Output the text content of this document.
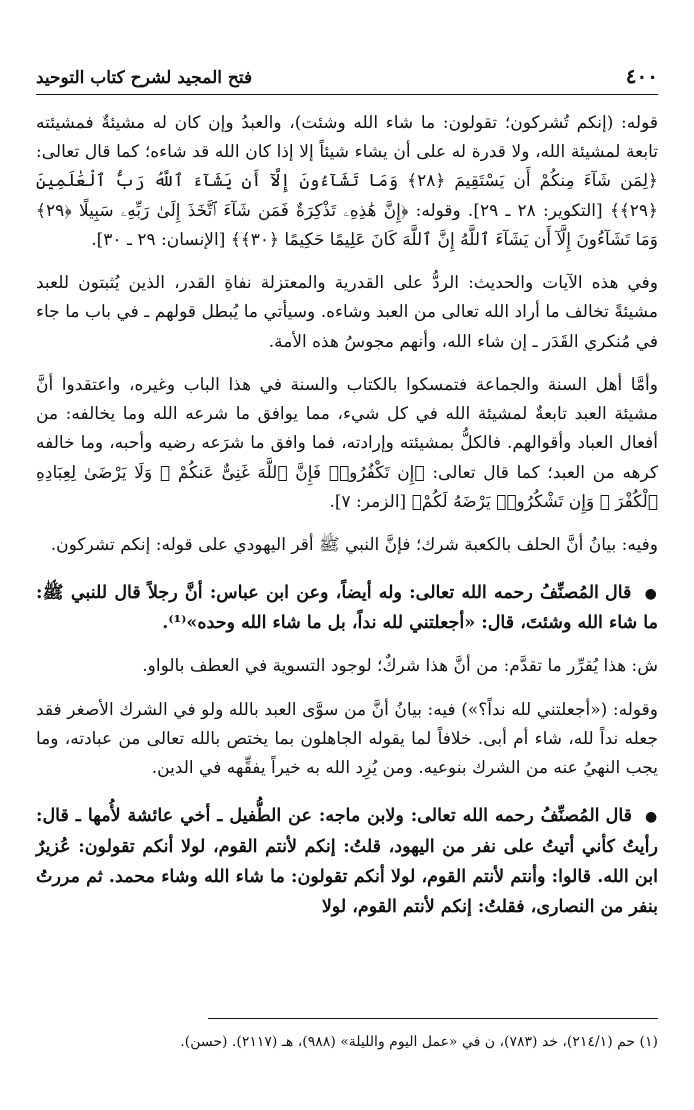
٤٠٠
فتح المجيد لشرح كتاب التوحيد

قوله: (إنكم تُشركون؛ تقولون: ما شاء الله وشئت)، والعبدُ وإن كان له مشيئةٌ فمشيئته تابعة لمشيئة الله، ولا قدرة له على أن يشاء شيئاً إلا إذا كان الله قد شاءه؛ كما قال تعالى: ﴿لِمَن شَآءَ مِنكُمْ أَن يَسْتَقِيمَ ﴿٢٨﴾ وَمَا تَشَآءُونَ إِلَّآ أَن يَشَآءَ ٱللَّهُ رَبُّ ٱلْعَٰلَمِينَ ﴿٢٩﴾﴾ [التكوير: ٢٨ ـ ٢٩]. وقوله: ﴿إِنَّ هَٰذِهِۦ تَذْكِرَةٌ فَمَن شَآءَ ٱتَّخَذَ إِلَىٰ رَبِّهِۦ سَبِيلًا ﴿٢٩﴾ وَمَا تَشَآءُونَ إِلَّآ أَن يَشَآءَ ٱللَّهُ إِنَّ ٱللَّهَ كَانَ عَلِيمًا حَكِيمًا ﴿٣٠﴾﴾ [الإنسان: ٢٩ ـ ٣٠].

وفي هذه الآيات والحديث: الردُّ على القدرية والمعتزلة نفاةِ القدر، الذين يُثبتون للعبد مشيئةً تخالف ما أراد الله تعالى من العبد وشاءه. وسيأتي ما يُبطل قولهم ـ في باب ما جاء في مُنكري القَدَر ـ إن شاء الله، وأنهم مجوسُ هذه الأمة.

وأمَّا أهل السنة والجماعة فتمسكوا بالكتاب والسنة في هذا الباب وغيره، واعتقدوا أنَّ مشيئة العبد تابعةٌ لمشيئة الله في كل شيء، مما يوافق ما شرعه الله وما يخالفه: من أفعال العباد وأقوالهم. فالكلُّ بمشيئته وإرادته، فما وافق ما شرَعه رضيه وأحبه، وما خالفه كرهه من العبد؛ كما قال تعالى: ﴿إِن تَكْفُرُوا۟ فَإِنَّ ٱللَّهَ غَنِىٌّ عَنكُمْ ۖ وَلَا يَرْضَىٰ لِعِبَادِهِ ٱلْكُفْرَ ۖ وَإِن تَشْكُرُوا۟ يَرْضَهُ لَكُمْ﴾ [الزمر: ٧].

وفيه: بيانُ أنَّ الحلف بالكعبة شرك؛ فإنَّ النبي ﷺ أقر اليهودي على قوله: إنكم تشركون.

● قال المُصنِّفُ رحمه الله تعالى: وله أيضاً، وعن ابن عباس: أنَّ رجلاً قال للنبي ﷺ: ما شاء الله وشئتَ، قال: «أجعلتني لله نداً، بل ما شاء الله وحده»⁽¹⁾.

ش: هذا يُقرِّر ما تقدَّم: من أنَّ هذا شركٌ؛ لوجود التسوية في العطف بالواو.

وقوله: («أجعلتني لله نداً؟») فيه: بيانُ أنَّ من سوَّى العبد بالله ولو في الشرك الأصغر فقد جعله نداً لله، شاء أم أبى. خلافاً لما يقوله الجاهلون بما يختص بالله تعالى من عبادته، وما يجب النهيُ عنه من الشرك بنوعيه. ومن يُرِد الله به خيراً يفقِّهه في الدين.

● قال المُصنِّفُ رحمه الله تعالى: ولابن ماجه: عن الطُّفيل ـ أخي عائشة لأُمها ـ قال: رأيتُ كأني أتيتُ على نفر من اليهود، قلتُ: إنكم لأنتم القوم، لولا أنكم تقولون: عُزيرٌ ابن الله. قالوا: وأنتم لأنتم القوم، لولا أنكم تقولون: ما شاء الله وشاء محمد. ثم مررتُ بنفر من النصارى، فقلتُ: إنكم لأنتم القوم، لولا

(١) حم (٢١٤/١)، خد (٧٨٣)، ن في «عمل اليوم والليلة» (٩٨٨)، هـ (٢١١٧). (حسن).
